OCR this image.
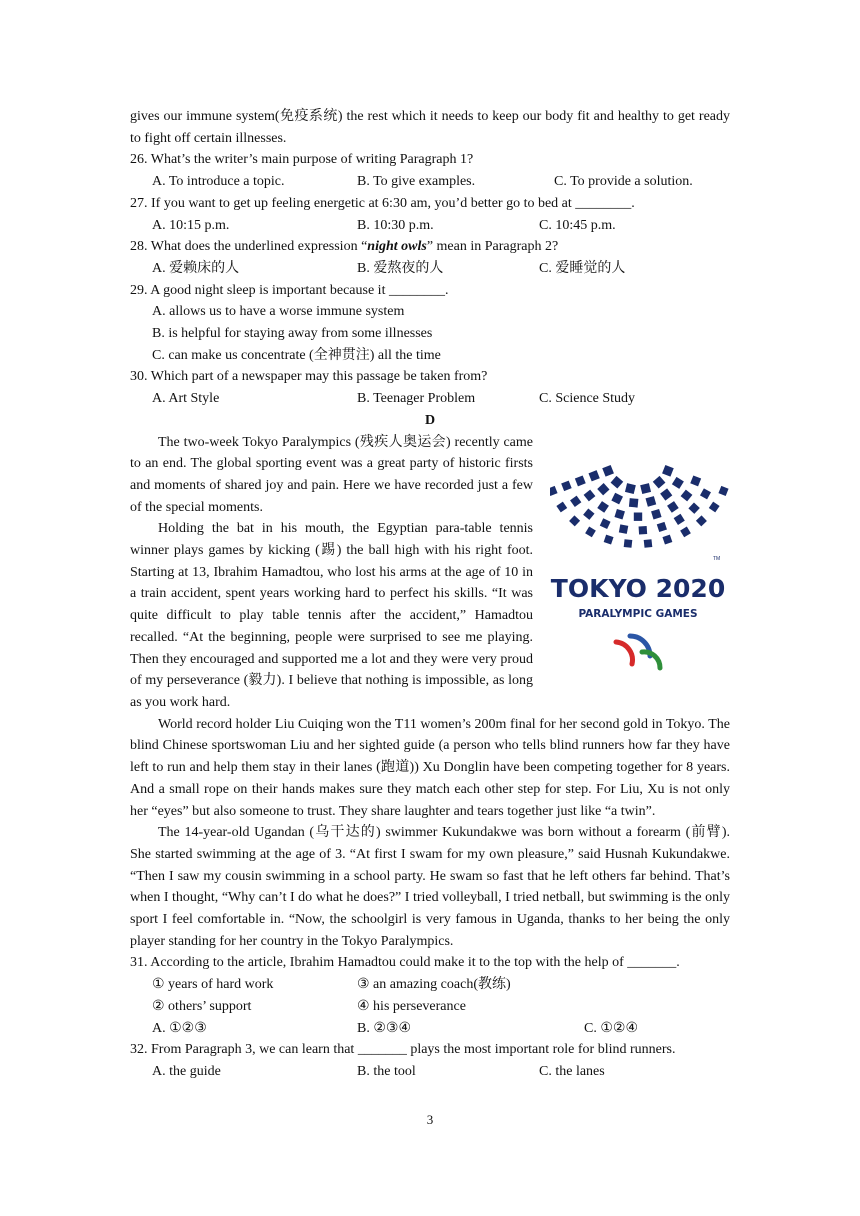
gives our immune system(免疫系统) the rest which it needs to keep our body fit and healthy to get ready to fight off certain illnesses.

26. What’s the writer’s main purpose of writing Paragraph 1?

A. To introduce a topic.	B. To give examples.	C. To provide a solution.

27. If you want to get up feeling energetic at 6:30 am, you’d better go to bed at ________.

A. 10:15 p.m.	B. 10:30 p.m.	C. 10:45 p.m.

28. What does the underlined expression “night owls” mean in Paragraph 2?

A. 爱赖床的人	B. 爱熬夜的人	C. 爱睡觉的人

29. A good night sleep is important because it ________.

A. allows us to have a worse immune system

B. is helpful for staying away from some illnesses

C. can make us concentrate (全神贯注) all the time

30. Which part of a newspaper may this passage be taken from?

A. Art Style	B. Teenager Problem	C. Science Study

D

The two-week Tokyo Paralympics (残疾人奥运会) recently came to an end. The global sporting event was a great party of historic firsts and moments of shared joy and pain. Here we have recorded just a few of the special moments.

Holding the bat in his mouth, the Egyptian para-table tennis winner plays games by kicking (踢) the ball high with his right foot. Starting at 13, Ibrahim Hamadtou, who lost his arms at the age of 10 in a train accident, spent years working hard to perfect his skills. “It was quite difficult to play table tennis after the accident,” Hamadtou recalled. “At the beginning, people were surprised to see me playing. Then they encouraged and supported me a lot and they were very proud of my perseverance (毅力). I believe that nothing is impossible, as long as you work hard.

TM
TOKYO 2020
PARALYMPIC GAMES

World record holder Liu Cuiqing won the T11 women’s 200m final for her second gold in Tokyo. The blind Chinese sportswoman Liu and her sighted guide (a person who tells blind runners how far they have left to run and help them stay in their lanes (跑道)) Xu Donglin have been competing together for 8 years. And a small rope on their hands makes sure they match each other step for step. For Liu, Xu is not only her “eyes” but also someone to trust. They share laughter and tears together just like “a twin”.

The 14-year-old Ugandan (乌干达的) swimmer Kukundakwe was born without a forearm (前臂). She started swimming at the age of 3. “At first I swam for my own pleasure,” said Husnah Kukundakwe. “Then I saw my cousin swimming in a school party. He swam so fast that he left others far behind. That’s when I thought, “Why can’t I do what he does?” I tried volleyball, I tried netball, but swimming is the only sport I feel comfortable in. “Now, the schoolgirl is very famous in Uganda, thanks to her being the only player standing for her country in the Tokyo Paralympics.

31. According to the article, Ibrahim Hamadtou could make it to the top with the help of _______.

① years of hard work	③ an amazing coach(教练)
② others’ support	④ his perseverance
A. ①②③	B. ②③④	C. ①②④

32. From Paragraph 3, we can learn that _______ plays the most important role for blind runners.

A. the guide	B. the tool	C. the lanes
3
